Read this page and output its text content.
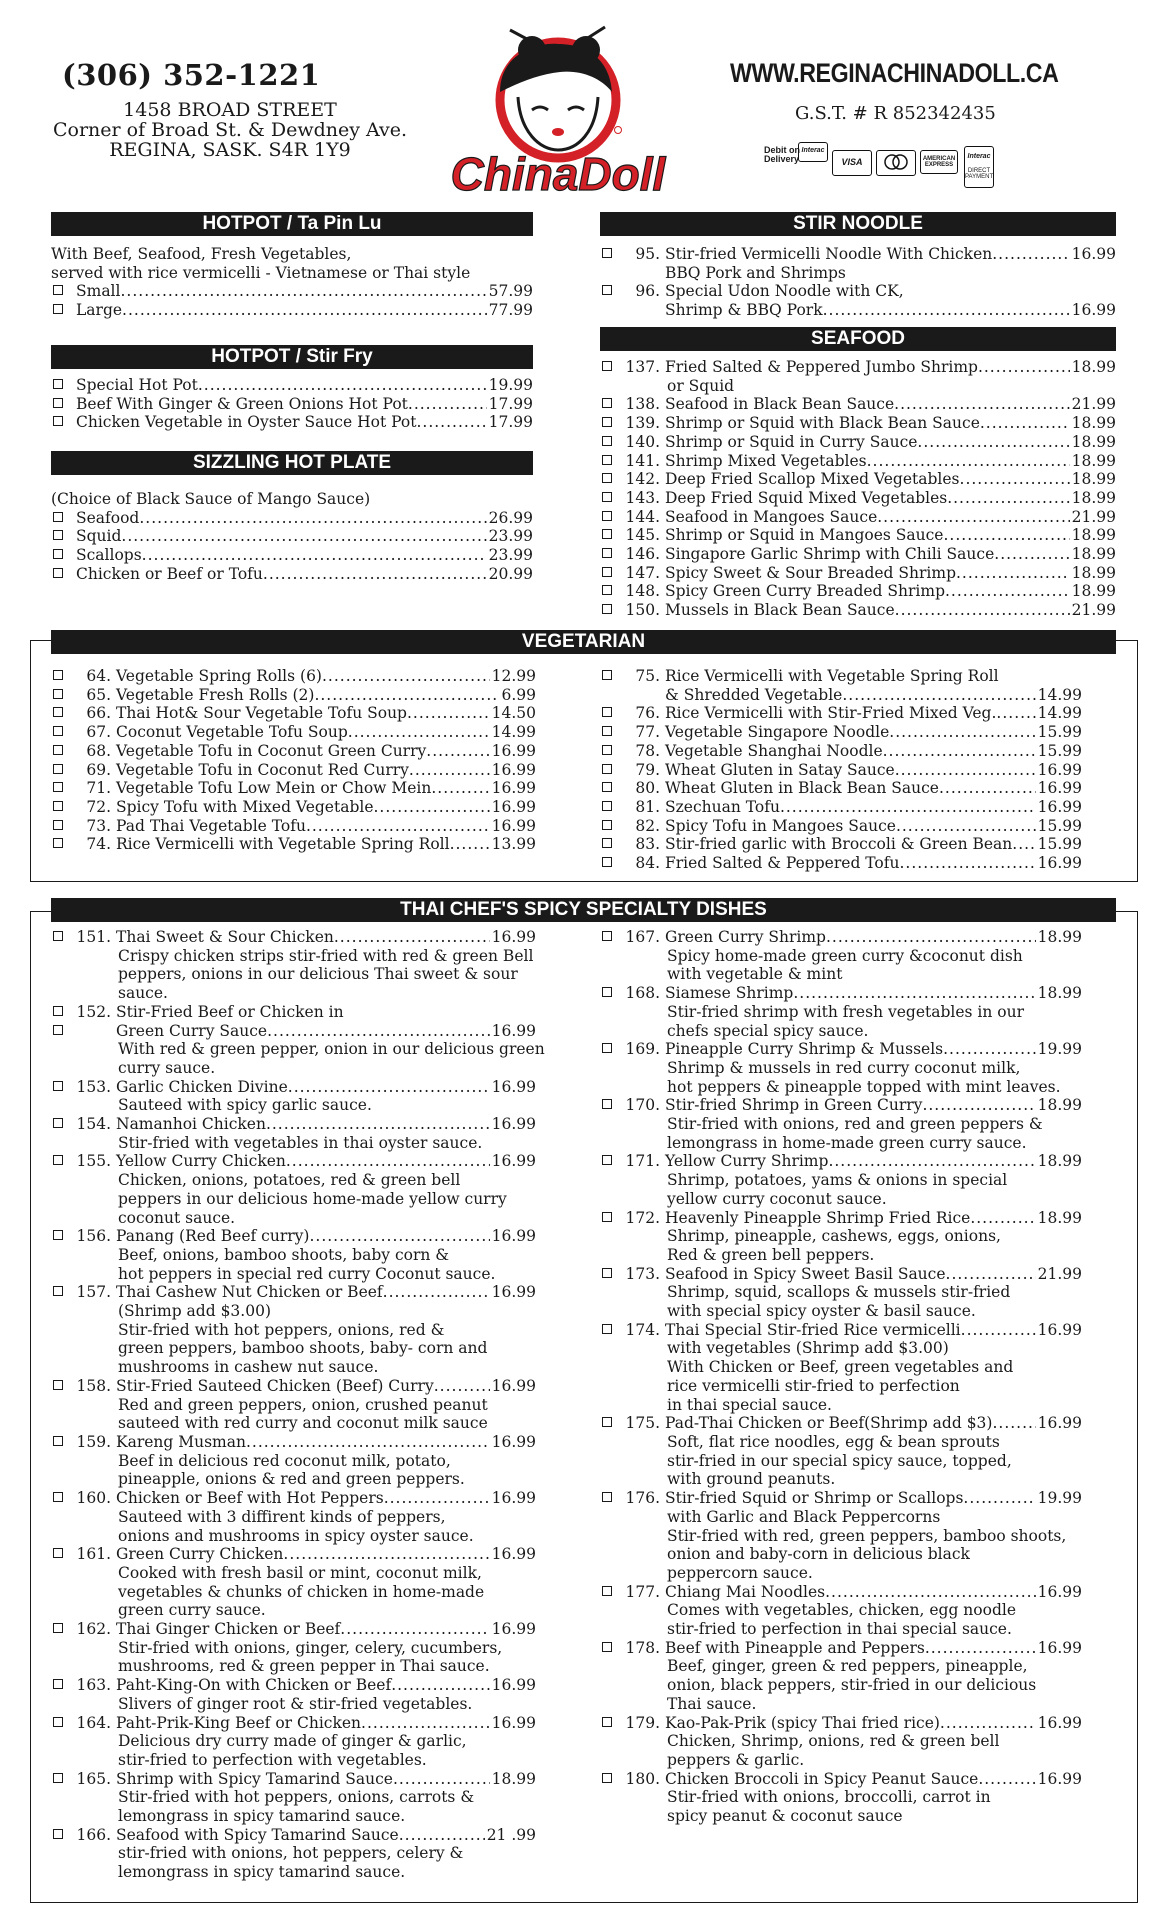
(306) 352-1221
1458 BROAD STREET
Corner of Broad St. & Dewdney Ave.
REGINA, SASK. S4R 1Y9	ChinaDoll
WWW.REGINACHINADOLL.CA
G.S.T. # R 852342435
Debit on
Delivery
Interac
VISA	AMERICAN EXPRESS
Interac
DIRECT PAYMENT
HOTPOT / Ta Pin Lu
With Beef, Seafood, Fresh Vegetables,
served with rice vermicelli - Vietnamese or Thai style
Small .....	57.99
Large .....	77.99
HOTPOT / Stir Fry
Special Hot Pot .....	19.99
Beef With Ginger & Green Onions Hot Pot .....	17.99
Chicken Vegetable in Oyster Sauce Hot Pot .....	17.99
SIZZLING HOT PLATE
(Choice of Black Sauce of Mango Sauce)
Seafood .....	26.99
Squid .....	23.99
Scallops .....	23.99
Chicken or Beef or Tofu .....	20.99
STIR NOODLE
95. Stir-fried Vermicelli Noodle With Chicken .....	16.99
BBQ Pork and Shrimps
96. Special Udon Noodle with CK,
Shrimp & BBQ Pork .....	16.99
SEAFOOD
137. Fried Salted & Peppered Jumbo Shrimp .....	18.99
or Squid
138. Seafood in Black Bean Sauce .....	21.99
139. Shrimp or Squid with Black Bean Sauce .....	18.99
140. Shrimp or Squid in Curry Sauce .....	18.99
141. Shrimp Mixed Vegetables .....	18.99
142. Deep Fried Scallop Mixed Vegetables .....	18.99
143. Deep Fried Squid Mixed Vegetables .....	18.99
144. Seafood in Mangoes Sauce .....	21.99
145. Shrimp or Squid in Mangoes Sauce .....	18.99
146. Singapore Garlic Shrimp with Chili Sauce .....	18.99
147. Spicy Sweet & Sour Breaded Shrimp .....	18.99
148. Spicy Green Curry Breaded Shrimp .....	18.99
150. Mussels in Black Bean Sauce .....	21.99
VEGETARIAN
64. Vegetable Spring Rolls (6) .....	12.99
65. Vegetable Fresh Rolls (2) .....	6.99
66. Thai Hot& Sour Vegetable Tofu Soup .....	14.50
67. Coconut Vegetable Tofu Soup .....	14.99
68. Vegetable Tofu in Coconut Green Curry .....	16.99
69. Vegetable Tofu in Coconut Red Curry .....	16.99
71. Vegetable Tofu Low Mein or Chow Mein .....	16.99
72. Spicy Tofu with Mixed Vegetable .....	16.99
73. Pad Thai Vegetable Tofu .....	16.99
74. Rice Vermicelli with Vegetable Spring Roll .....	13.99
75. Rice Vermicelli with Vegetable Spring Roll
& Shredded Vegetable .....	14.99
76. Rice Vermicelli with Stir-Fried Mixed Veg. .....	14.99
77. Vegetable Singapore Noodle .....	15.99
78. Vegetable Shanghai Noodle .....	15.99
79. Wheat Gluten in Satay Sauce .....	16.99
80. Wheat Gluten in Black Bean Sauce .....	16.99
81. Szechuan Tofu .....	16.99
82. Spicy Tofu in Mangoes Sauce .....	15.99
83. Stir-fried garlic with Broccoli & Green Bean ..... 15.99
84. Fried Salted & Peppered Tofu .....	16.99
THAI CHEF'S SPICY SPECIALTY DISHES
151. Thai Sweet & Sour Chicken .....	16.99
Crispy chicken strips stir-fried with red & green Bell
peppers, onions in our delicious Thai sweet & sour
sauce.
152. Stir-Fried Beef or Chicken in
Green Curry Sauce .....	16.99
With red & green pepper, onion in our delicious green
curry sauce.
153. Garlic Chicken Divine .....	16.99
Sauteed with spicy garlic sauce.
154. Namanhoi Chicken .....	16.99
Stir-fried with vegetables in thai oyster sauce.
155. Yellow Curry Chicken .....	16.99
Chicken, onions, potatoes, red & green bell
peppers in our delicious home-made yellow curry
coconut sauce.
156. Panang (Red Beef curry) .....	16.99
Beef, onions, bamboo shoots, baby corn &
hot peppers in special red curry Coconut sauce.
157. Thai Cashew Nut Chicken or Beef .....	16.99
(Shrimp add $3.00)
Stir-fried with hot peppers, onions, red &
green peppers, bamboo shoots, baby- corn and
mushrooms in cashew nut sauce.
158. Stir-Fried Sauteed Chicken (Beef) Curry .....	16.99
Red and green peppers, onion, crushed peanut
sauteed with red curry and coconut milk sauce
159. Kareng Musman .....	16.99
Beef in delicious red coconut milk, potato,
pineapple, onions & red and green peppers.
160. Chicken or Beef with Hot Peppers .....	16.99
Sauteed with 3 diffirent kinds of peppers,
onions and mushrooms in spicy oyster sauce.
161. Green Curry Chicken .....	16.99
Cooked with fresh basil or mint, coconut milk,
vegetables & chunks of chicken in home-made
green curry sauce.
162. Thai Ginger Chicken or Beef .....	16.99
Stir-fried with onions, ginger, celery, cucumbers,
mushrooms, red & green pepper in Thai sauce.
163. Paht-King-On with Chicken or Beef .....	16.99
Slivers of ginger root & stir-fried vegetables.
164. Paht-Prik-King Beef or Chicken .....	16.99
Delicious dry curry made of ginger & garlic,
stir-fried to perfection with vegetables.
165. Shrimp with Spicy Tamarind Sauce .....	18.99
Stir-fried with hot peppers, onions, carrots &
lemongrass in spicy tamarind sauce.
166. Seafood with Spicy Tamarind Sauce .....	21 .99
stir-fried with onions, hot peppers, celery &
lemongrass in spicy tamarind sauce.
167. Green Curry Shrimp .....	18.99
Spicy home-made green curry &coconut dish
with vegetable & mint
168. Siamese Shrimp .....	18.99
Stir-fried shrimp with fresh vegetables in our
chefs special spicy sauce.
169. Pineapple Curry Shrimp & Mussels .....	19.99
Shrimp & mussels in red curry coconut milk,
hot peppers & pineapple topped with mint leaves.
170. Stir-fried Shrimp in Green Curry .....	18.99
Stir-fried with onions, red and green peppers &
lemongrass in home-made green curry sauce.
171. Yellow Curry Shrimp .....	18.99
Shrimp, potatoes, yams & onions in special
yellow curry coconut sauce.
172. Heavenly Pineapple Shrimp Fried Rice .....	18.99
Shrimp, pineapple, cashews, eggs, onions,
Red & green bell peppers.
173. Seafood in Spicy Sweet Basil Sauce .....	21.99
Shrimp, squid, scallops & mussels stir-fried
with special spicy oyster & basil sauce.
174. Thai Special Stir-fried Rice vermicelli .....	16.99
with vegetables (Shrimp add $3.00)
With Chicken or Beef, green vegetables and
rice vermicelli stir-fried to perfection
in thai special sauce.
175. Pad-Thai Chicken or Beef(Shrimp add $3) .....	16.99
Soft, flat rice noodles, egg & bean sprouts
stir-fried in our special spicy sauce, topped,
with ground peanuts.
176. Stir-fried Squid or Shrimp or Scallops .....	19.99
with Garlic and Black Peppercorns
Stir-fried with red, green peppers, bamboo shoots,
onion and baby-corn in delicious black
peppercorn sauce.
177. Chiang Mai Noodles .....	16.99
Comes with vegetables, chicken, egg noodle
stir-fried to perfection in thai special sauce.
178. Beef with Pineapple and Peppers .....	16.99
Beef, ginger, green & red peppers, pineapple,
onion, black peppers, stir-fried in our delicious
Thai sauce.
179. Kao-Pak-Prik (spicy Thai fried rice) .....	16.99
Chicken, Shrimp, onions, red & green bell
peppers & garlic.
180. Chicken Broccoli in Spicy Peanut Sauce .....	16.99
Stir-fried with onions, broccolli, carrot in
spicy peanut & coconut sauce
